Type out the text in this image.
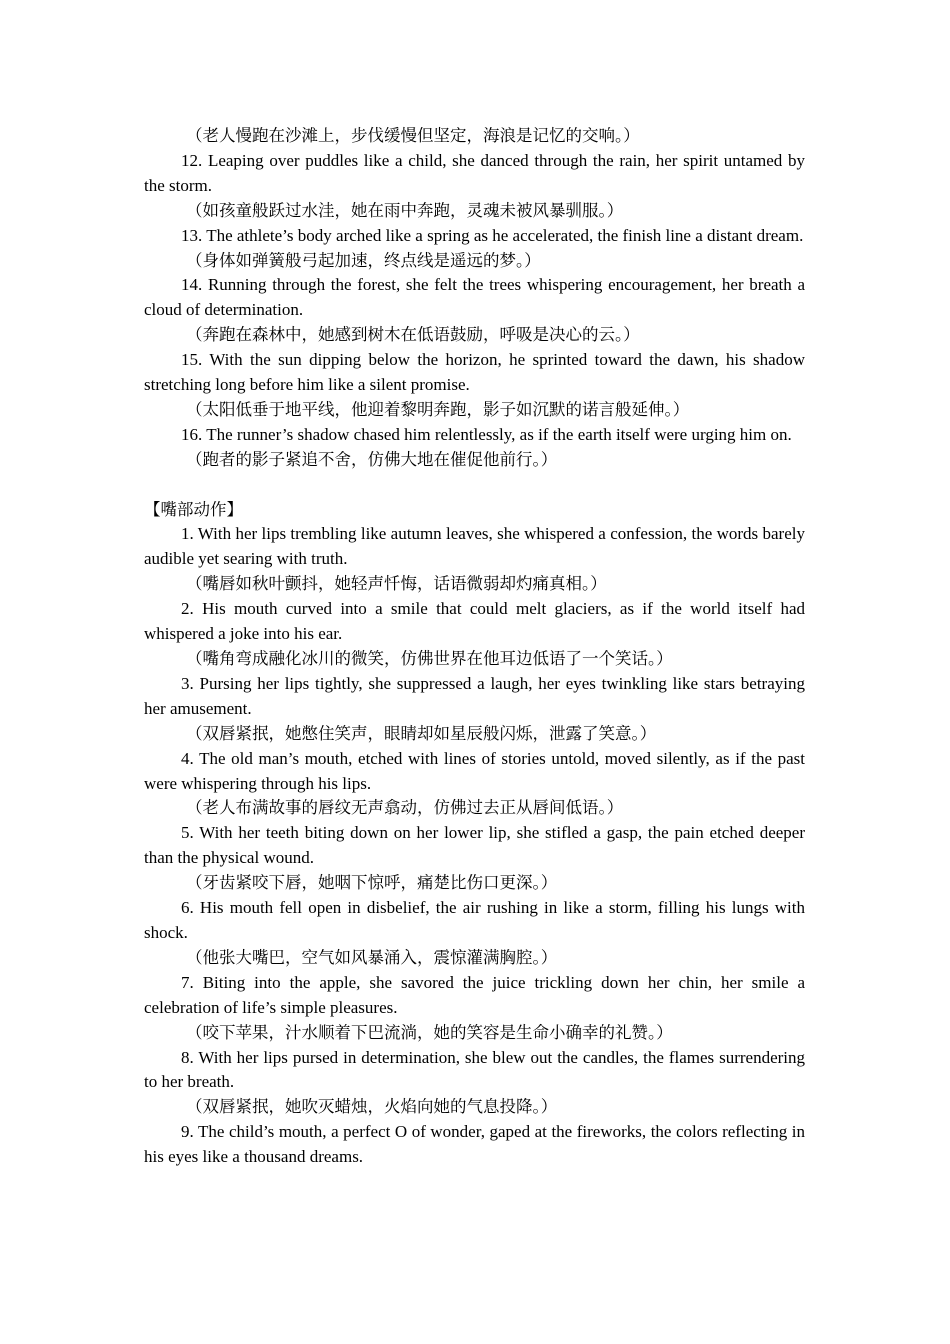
（老人慢跑在沙滩上，步伐缓慢但坚定，海浪是记忆的交响。）

12. Leaping over puddles like a child, she danced through the rain, her spirit untamed by the storm.

（如孩童般跃过水洼，她在雨中奔跑，灵魂未被风暴驯服。）

13. The athlete’s body arched like a spring as he accelerated, the finish line a distant dream.

（身体如弹簧般弓起加速，终点线是遥远的梦。）

14. Running through the forest, she felt the trees whispering encouragement, her breath a cloud of determination.

（奔跑在森林中，她感到树木在低语鼓励，呼吸是决心的云。）

15. With the sun dipping below the horizon, he sprinted toward the dawn, his shadow stretching long before him like a silent promise.

（太阳低垂于地平线，他迎着黎明奔跑，影子如沉默的诺言般延伸。）

16. The runner’s shadow chased him relentlessly, as if the earth itself were urging him on.

（跑者的影子紧追不舍，仿佛大地在催促他前行。）

【嘴部动作】

1. With her lips trembling like autumn leaves, she whispered a confession, the words barely audible yet searing with truth.

（嘴唇如秋叶颤抖，她轻声忏悔，话语微弱却灼痛真相。）

2. His mouth curved into a smile that could melt glaciers, as if the world itself had whispered a joke into his ear.

（嘴角弯成融化冰川的微笑，仿佛世界在他耳边低语了一个笑话。）

3. Pursing her lips tightly, she suppressed a laugh, her eyes twinkling like stars betraying her amusement.

（双唇紧抿，她憋住笑声，眼睛却如星辰般闪烁，泄露了笑意。）

4. The old man’s mouth, etched with lines of stories untold, moved silently, as if the past were whispering through his lips.

（老人布满故事的唇纹无声翕动，仿佛过去正从唇间低语。）

5. With her teeth biting down on her lower lip, she stifled a gasp, the pain etched deeper than the physical wound.

（牙齿紧咬下唇，她咽下惊呼，痛楚比伤口更深。）

6. His mouth fell open in disbelief, the air rushing in like a storm, filling his lungs with shock.

（他张大嘴巴，空气如风暴涌入，震惊灌满胸腔。）

7. Biting into the apple, she savored the juice trickling down her chin, her smile a celebration of life’s simple pleasures.

（咬下苹果，汁水顺着下巴流淌，她的笑容是生命小确幸的礼赞。）

8. With her lips pursed in determination, she blew out the candles, the flames surrendering to her breath.

（双唇紧抿，她吹灭蜡烛，火焰向她的气息投降。）

9. The child’s mouth, a perfect O of wonder, gaped at the fireworks, the colors reflecting in his eyes like a thousand dreams.
